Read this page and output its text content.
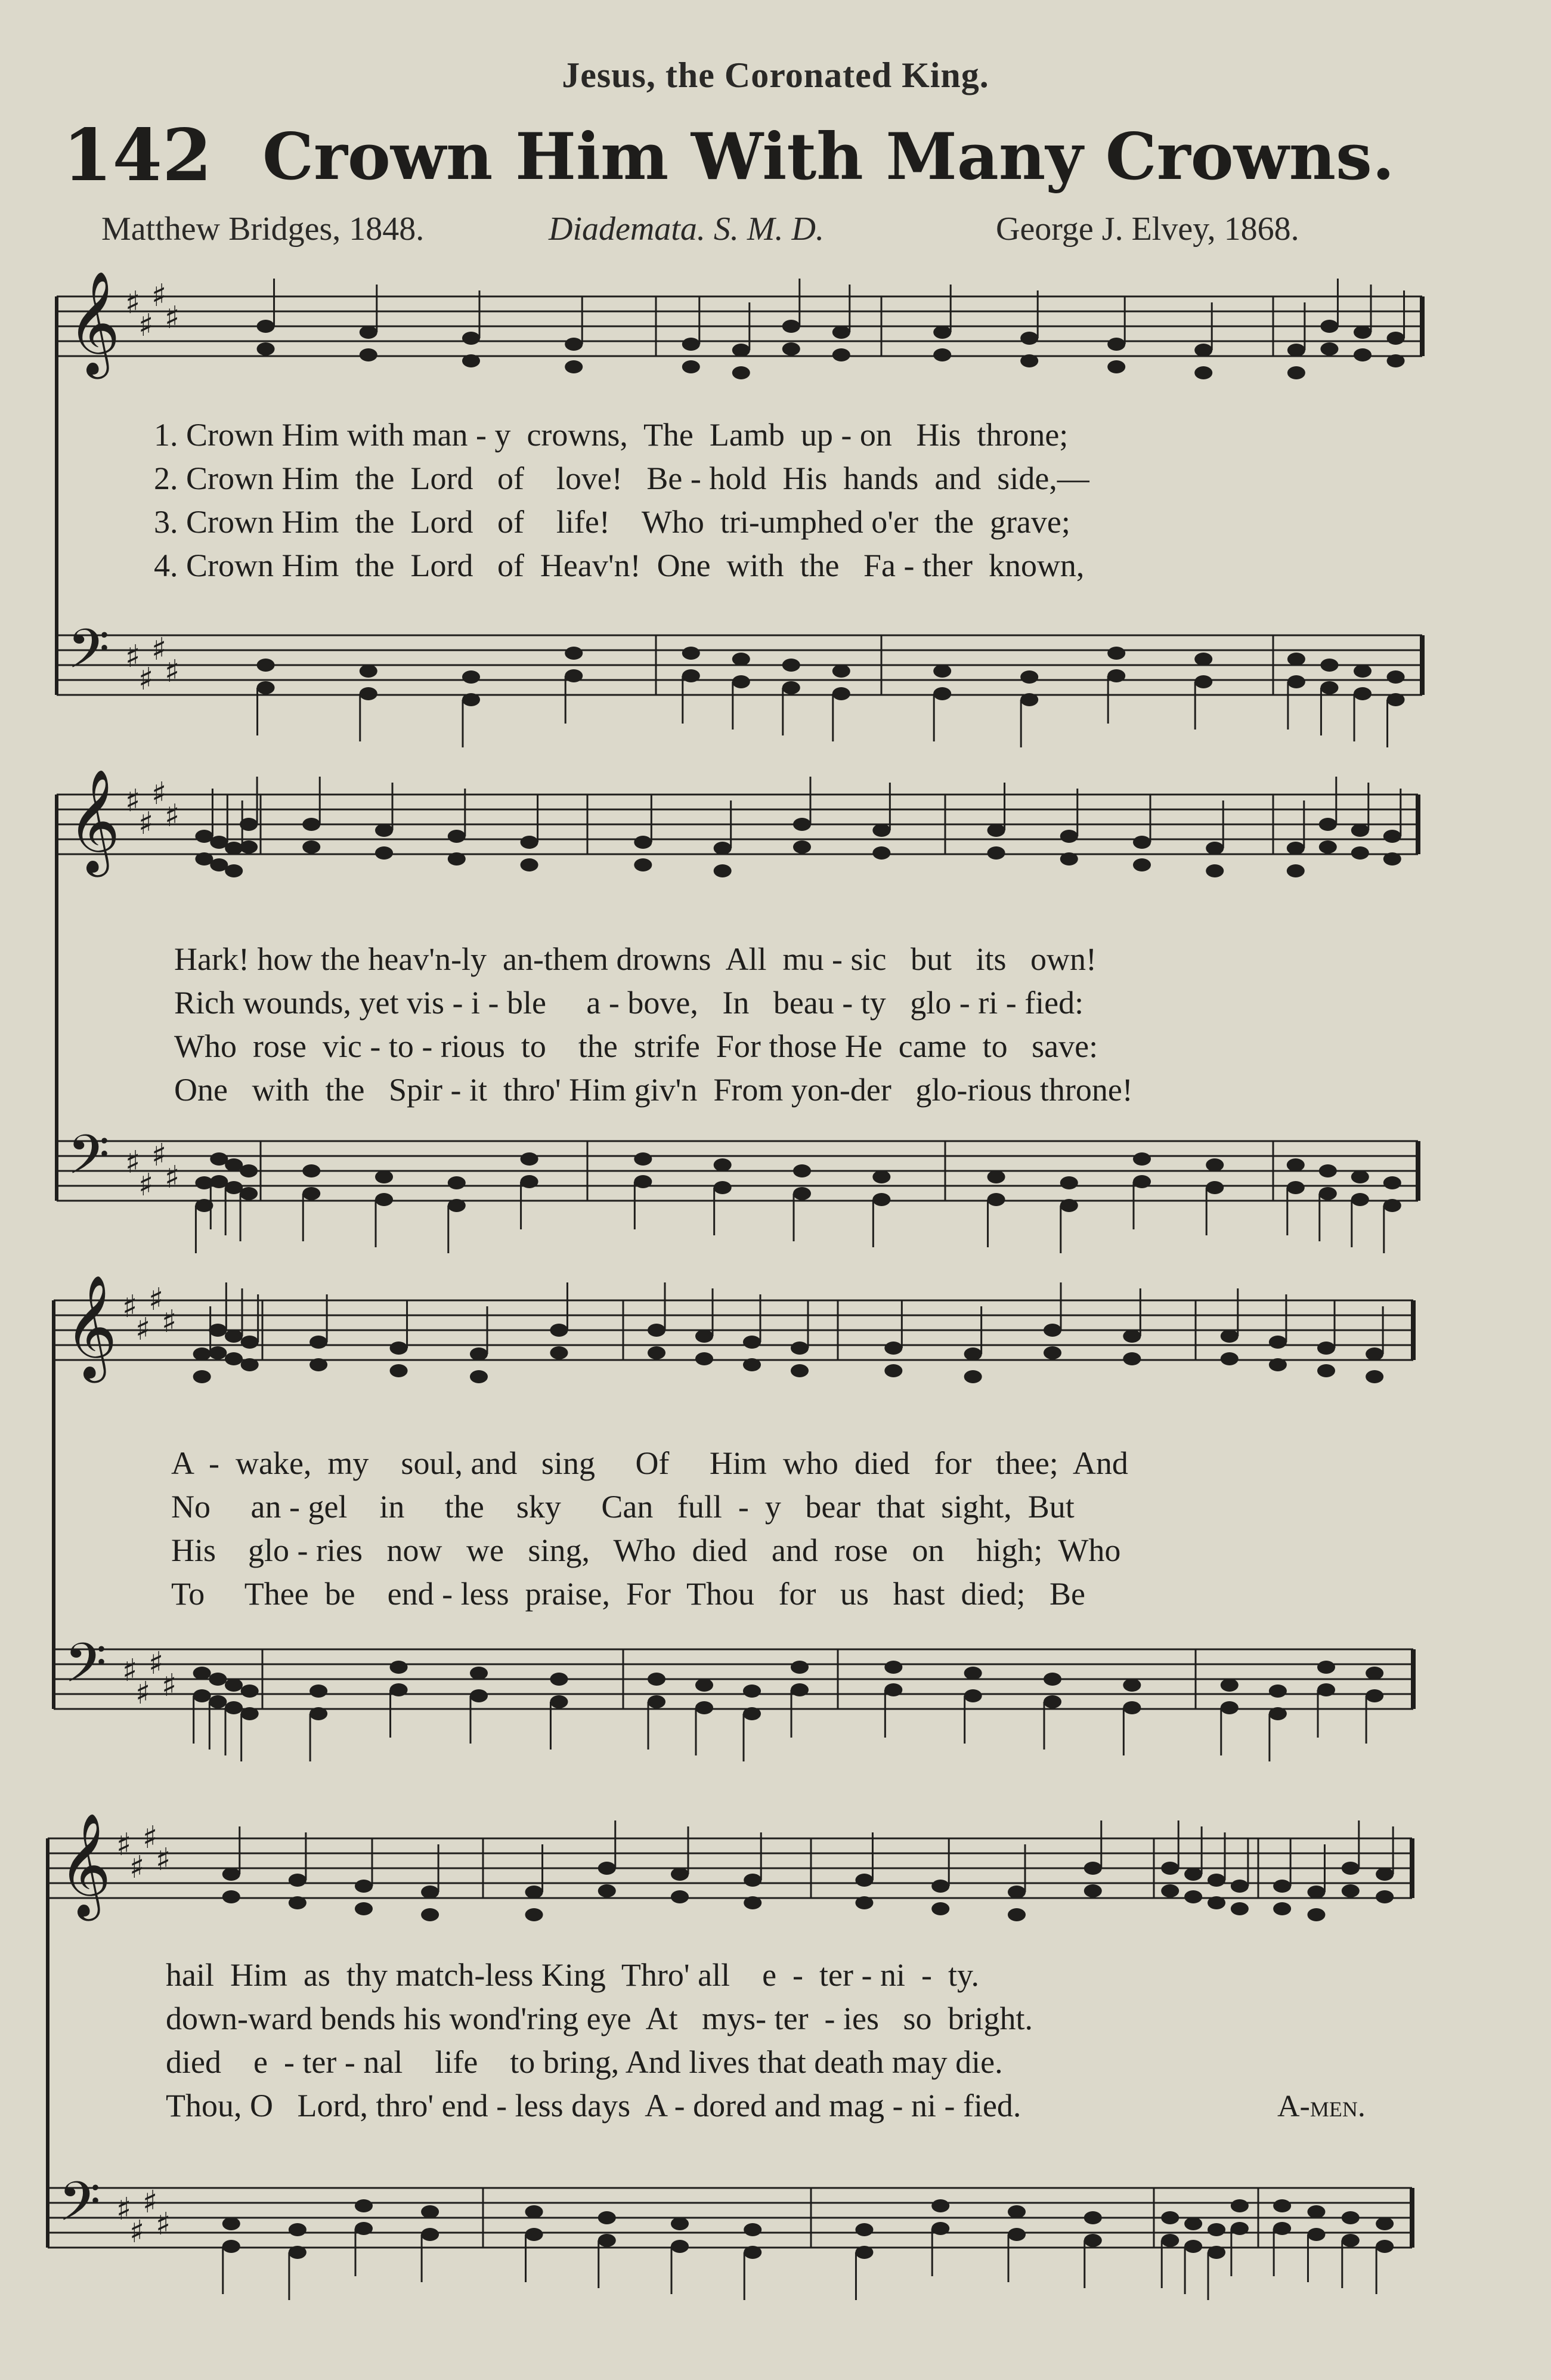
Jesus, the Coronated King.
142 Crown Him With Many Crowns.
Matthew Bridges, 1848.	Diademata. S. M. D.	George J. Elvey, 1868.
𝄞 ♯
♯
♯
♯
𝄢 ♯
♯
♯
♯
𝄞 ♯
♯
♯
♯
𝄢 ♯
♯
♯
♯
𝄞 ♯
♯
♯
♯
𝄢 ♯
♯
♯
♯
𝄞 ♯
♯
♯
♯
𝄢 ♯
♯
♯
♯
1. Crown Him with man - y  crowns,  The  Lamb  up - on   His  throne;
2. Crown Him  the  Lord   of    love!   Be - hold  His  hands  and  side,—
3. Crown Him  the  Lord   of    life!    Who  tri-umphed o'er  the  grave;
4. Crown Him  the  Lord   of  Heav'n!  One  with  the   Fa - ther  known,
Hark! how the heav'n-ly  an-them drowns  All  mu - sic   but   its   own!
Rich wounds, yet vis - i - ble     a - bove,   In   beau - ty   glo - ri - fied:
Who  rose  vic - to - rious  to    the  strife  For those He  came  to   save:
One   with  the   Spir - it  thro' Him giv'n  From yon-der   glo-rious throne!
A  -  wake,  my    soul, and   sing     Of     Him  who  died   for   thee;  And
No     an - gel    in     the    sky     Can   full  -  y   bear  that  sight,  But
His    glo - ries   now   we   sing,   Who  died   and  rose   on    high;  Who
To     Thee  be    end - less  praise,  For  Thou   for   us   hast  died;   Be
hail  Him  as  thy match-less King  Thro' all    e  -  ter - ni  -  ty.
down-ward bends his wond'ring eye  At   mys- ter  - ies   so  bright.
died    e  - ter - nal    life    to bring, And lives that death may die.
Thou, O   Lord, thro' end - less days  A - dored and mag - ni - fied.	A-men.
